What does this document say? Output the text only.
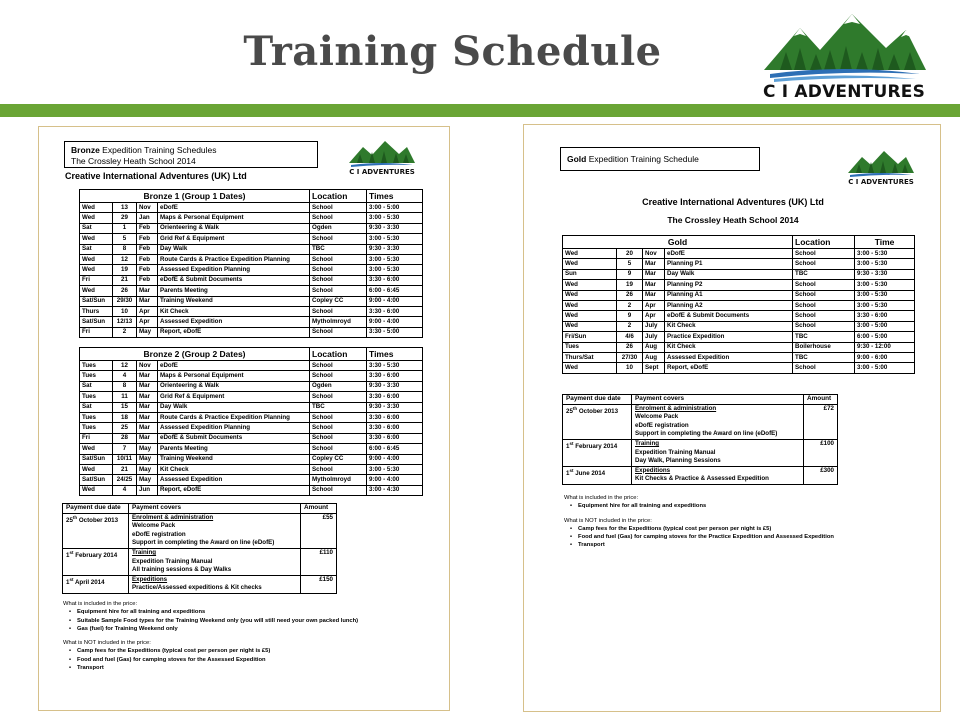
Training Schedule
C I ADVENTURES
Bronze Expedition Training Schedules
The Crossley Heath School 2014
Creative International Adventures (UK) Ltd	C I ADVENTURES
Bronze 1 (Group 1 Dates)				Location	Times
Wed	13	Nov	eDofE	School	3:00 - 5:00
Wed	29	Jan	Maps & Personal Equipment	School	3:00 - 5:30
Sat	1	Feb	Orienteering & Walk	Ogden	9:30 - 3:30
Wed	5	Feb	Grid Ref & Equipment	School	3:00 - 5:30
Sat	8	Feb	Day Walk	TBC	9:30 - 3:30
Wed	12	Feb	Route Cards & Practice Expedition Planning	School	3:00 - 5:30
Wed	19	Feb	Assessed Expedition Planning	School	3:00 - 5:30
Fri	21	Feb	eDofE & Submit Documents	School	3:30 - 6:00
Wed	26	Mar	Parents Meeting	School	6:00 - 6:45
Sat/Sun	29/30	Mar	Training Weekend	Copley CC	9:00 - 4:00
Thurs	10	Apr	Kit Check	School	3:30 - 6:00
Sat/Sun	12/13	Apr	Assessed Expedition	Mytholmroyd	9:00 - 4:00
Fri	2	May	Report, eDofE	School	3:30 - 5:00
Bronze 2 (Group 2 Dates)				Location	Times
Tues	12	Nov	eDofE	School	3:30 - 5:30
Tues	4	Mar	Maps & Personal Equipment	School	3:30 - 6:00
Sat	8	Mar	Orienteering & Walk	Ogden	9:30 - 3:30
Tues	11	Mar	Grid Ref & Equipment	School	3:30 - 6:00
Sat	15	Mar	Day Walk	TBC	9:30 - 3:30
Tues	18	Mar	Route Cards & Practice Expedition Planning	School	3:30 - 6:00
Tues	25	Mar	Assessed Expedition Planning	School	3:30 - 6:00
Fri	28	Mar	eDofE & Submit Documents	School	3:30 - 6:00
Wed	7	May	Parents Meeting	School	6:00 - 6:45
Sat/Sun	10/11	May	Training Weekend	Copley CC	9:00 - 4:00
Wed	21	May	Kit Check	School	3:00 - 5:30
Sat/Sun	24/25	May	Assessed Expedition	Mytholmroyd	9:00 - 4:00
Wed	4	Jun	Report, eDofE	School	3:00 - 4:30
Payment due date	Payment covers	Amount
25th October 2013	Enrolment & administration
Welcome Pack
eDofE registration
Support in completing the Award on line (eDofE)	£55
1st February 2014	Training
Expedition Training Manual
All training sessions & Day Walks	£110
1st April 2014	Expeditions
Practice/Assessed expeditions & Kit checks	£150
What is included in the price:
• Equipment hire for all training and expeditions
• Suitable Sample Food types for the Training Weekend only (you will still need your own packed lunch)
• Gas (fuel) for Training Weekend only
What is NOT included in the price:
• Camp fees for the Expeditions (typical cost per person per night is £5)
• Food and fuel (Gas) for camping stoves for the Assessed Expedition
• Transport
Gold Expedition Training Schedule
C I ADVENTURES
Creative International Adventures (UK) Ltd
The Crossley Heath School 2014
Gold				Location	Time
Wed	20	Nov	eDofE	School	3:00 - 5:30
Wed	5	Mar	Planning P1	School	3:00 - 5:30
Sun	9	Mar	Day Walk	TBC	9:30 - 3:30
Wed	19	Mar	Planning P2	School	3:00 - 5:30
Wed	26	Mar	Planning A1	School	3:00 - 5:30
Wed	2	Apr	Planning A2	School	3:00 - 5:30
Wed	9	Apr	eDofE & Submit Documents	School	3:30 - 6:00
Wed	2	July	Kit Check	School	3:00 - 5:00
Fri/Sun	4/6	July	Practice Expedition	TBC	6:00 - 5:00
Tues	26	Aug	Kit Check	Boilerhouse	9:30 - 12:00
Thurs/Sat	27/30	Aug	Assessed Expedition	TBC	9:00 - 6:00
Wed	10	Sept	Report, eDofE	School	3:00 - 5:00
Payment due date	Payment covers	Amount
25th October 2013	Enrolment & administration
Welcome Pack
eDofE registration
Support in completing the Award on line (eDofE)	£72
1st February 2014	Training
Expedition Training Manual
Day Walk, Planning Sessions	£100
1st June 2014	Expeditions
Kit Checks & Practice & Assessed Expedition	£300
What is included in the price:
• Equipment hire for all training and expeditions
What is NOT included in the price:
• Camp fees for the Expeditions (typical cost per person per night is £5)
• Food and fuel (Gas) for camping stoves for the Practice Expedition and Assessed Expedition
• Transport
